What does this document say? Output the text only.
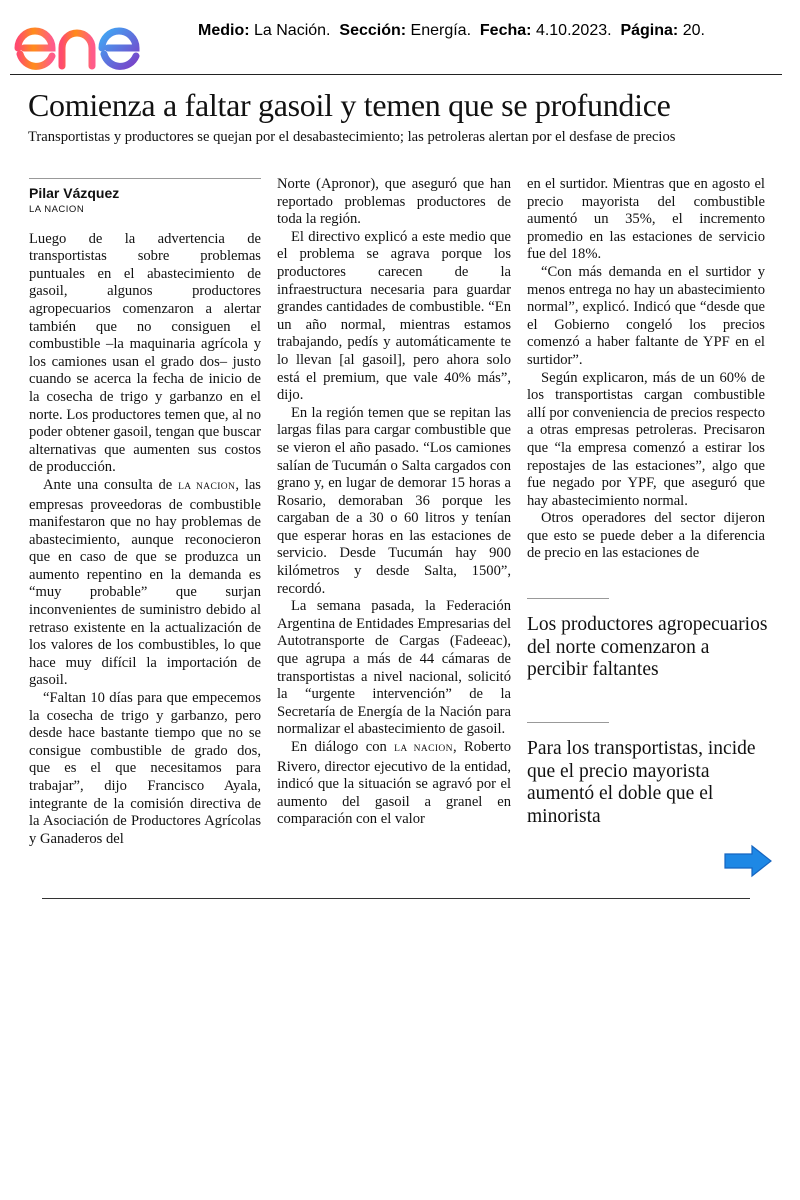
Medio: La Nación. Sección: Energía. Fecha: 4.10.2023. Página: 20.
Comienza a faltar gasoil y temen que se profundice
Transportistas y productores se quejan por el desabastecimiento; las petroleras alertan por el desfase de precios
Pilar Vázquez
LA NACION

Luego de la advertencia de transportistas sobre problemas puntuales en el abastecimiento de gasoil, algunos productores agropecuarios comenzaron a alertar también que no consiguen el combustible –la maquinaria agrícola y los camiones usan el grado dos– justo cuando se acerca la fecha de inicio de la cosecha de trigo y garbanzo en el norte. Los productores temen que, al no poder obtener gasoil, tengan que buscar alternativas que aumenten sus costos de producción.

Ante una consulta de LA NACION, las empresas proveedoras de combustible manifestaron que no hay problemas de abastecimiento, aunque reconocieron que en caso de que se produzca un aumento repentino en la demanda es “muy probable” que surjan inconvenientes de suministro debido al retraso existente en la actualización de los valores de los combustibles, lo que hace muy difícil la importación de gasoil.

“Faltan 10 días para que empecemos la cosecha de trigo y garbanzo, pero desde hace bastante tiempo que no se consigue combustible de grado dos, que es el que necesitamos para trabajar”, dijo Francisco Ayala, integrante de la comisión directiva de la Asociación de Productores Agrícolas y Ganaderos del

Norte (Apronor), que aseguró que han reportado problemas productores de toda la región.

El directivo explicó a este medio que el problema se agrava porque los productores carecen de la infraestructura necesaria para guardar grandes cantidades de combustible. “En un año normal, mientras estamos trabajando, pedís y automáticamente te lo llevan [al gasoil], pero ahora solo está el premium, que vale 40% más”, dijo.

En la región temen que se repitan las largas filas para cargar combustible que se vieron el año pasado. “Los camiones salían de Tucumán o Salta cargados con grano y, en lugar de demorar 15 horas a Rosario, demoraban 36 porque les cargaban de a 30 o 60 litros y tenían que esperar horas en las estaciones de servicio. Desde Tucumán hay 900 kilómetros y desde Salta, 1500”, recordó.

La semana pasada, la Federación Argentina de Entidades Empresarias del Autotransporte de Cargas (Fadeeac), que agrupa a más de 44 cámaras de transportistas a nivel nacional, solicitó la “urgente intervención” de la Secretaría de Energía de la Nación para normalizar el abastecimiento de gasoil.

En diálogo con LA NACION, Roberto Rivero, director ejecutivo de la entidad, indicó que la situación se agravó por el aumento del gasoil a granel en comparación con el valor

en el surtidor. Mientras que en agosto el precio mayorista del combustible aumentó un 35%, el incremento promedio en las estaciones de servicio fue del 18%.

“Con más demanda en el surtidor y menos entrega no hay un abastecimiento normal”, explicó. Indicó que “desde que el Gobierno congeló los precios comenzó a haber faltante de YPF en el surtidor”.

Según explicaron, más de un 60% de los transportistas cargan combustible allí por conveniencia de precios respecto a otras empresas petroleras. Precisaron que “la empresa comenzó a estirar los repostajes de las estaciones”, algo que fue negado por YPF, que aseguró que hay abastecimiento normal.

Otros operadores del sector dijeron que esto se puede deber a la diferencia de precio en las estaciones de

Los productores agropecuarios del norte comenzaron a percibir faltantes
Para los transportistas, incide que el precio mayorista aumentó el doble que el minorista
